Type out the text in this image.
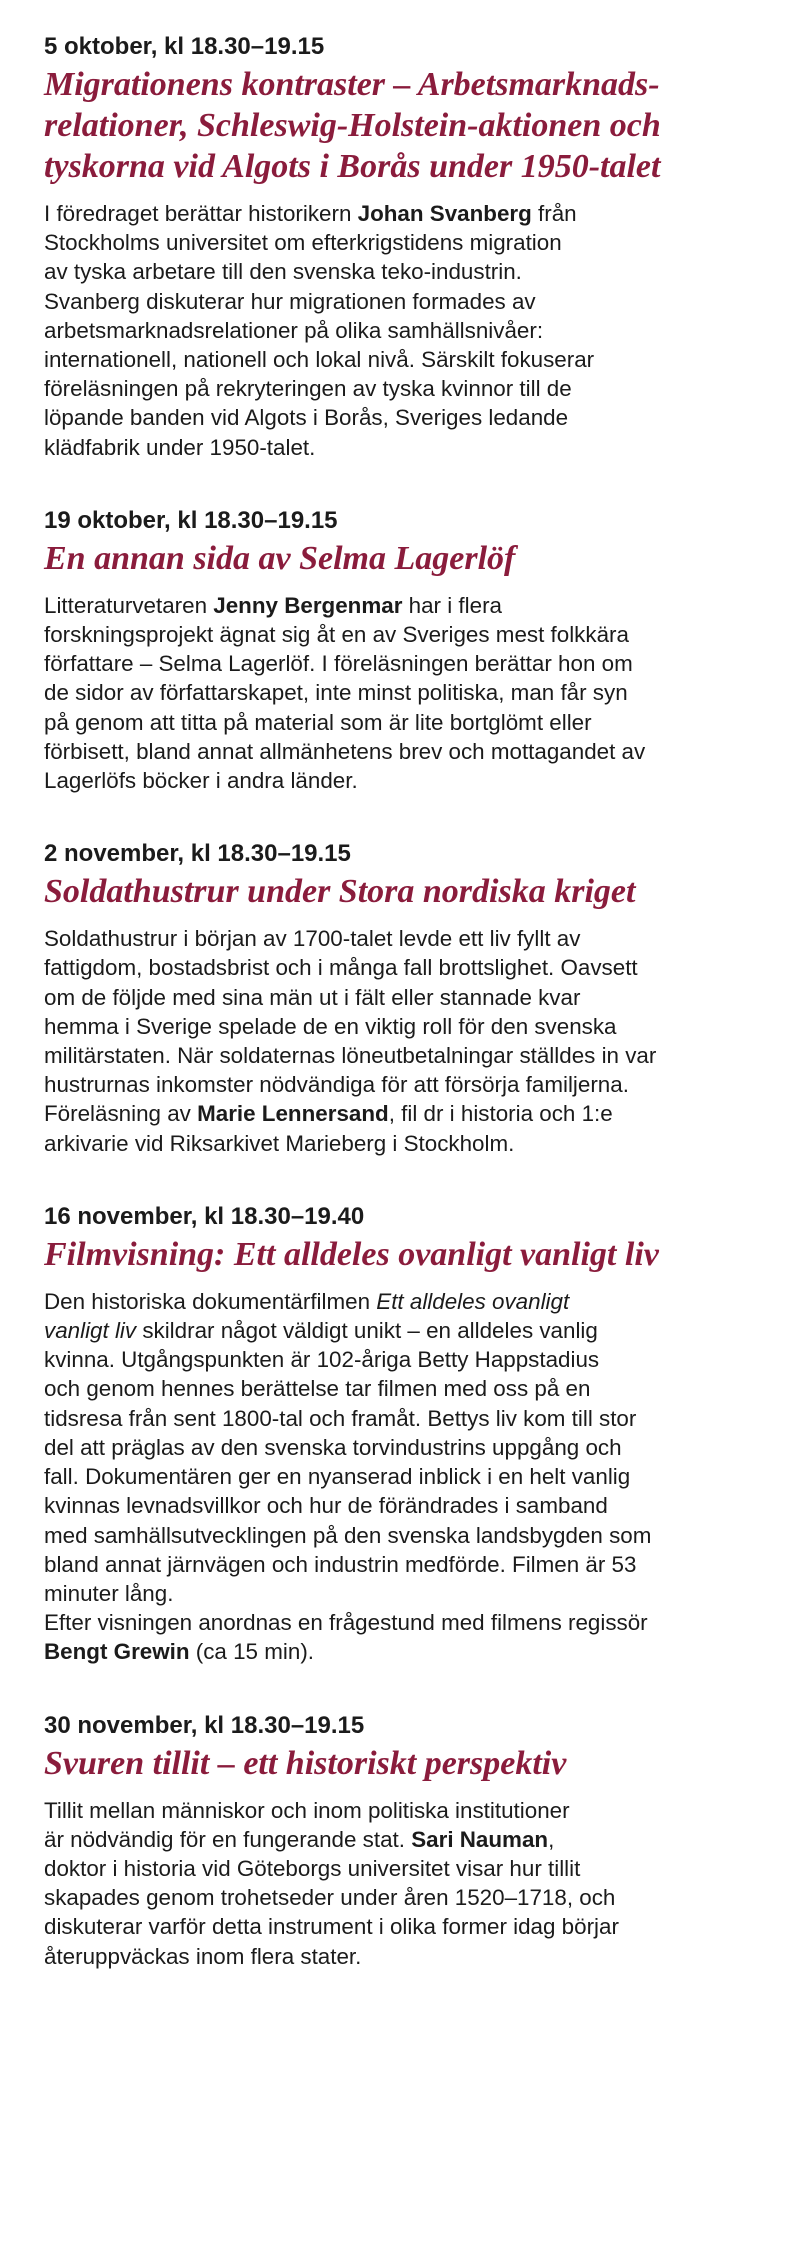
5 oktober, kl 18.30–19.15
Migrationens kontraster – Arbetsmarknads-
relationer, Schleswig-Holstein-aktionen och
tyskorna vid Algots i Borås under 1950-talet

I föredraget berättar historikern Johan Svanberg från
Stockholms universitet om efterkrigstidens migration
av tyska arbetare till den svenska teko-industrin.
Svanberg diskuterar hur migrationen formades av
arbetsmarknadsrelationer på olika samhällsnivåer:
internationell, nationell och lokal nivå. Särskilt fokuserar
föreläsningen på rekryteringen av tyska kvinnor till de
löpande banden vid Algots i Borås, Sveriges ledande
klädfabrik under 1950-talet.

19 oktober, kl 18.30–19.15
En annan sida av Selma Lagerlöf

Litteraturvetaren Jenny Bergenmar har i flera
forskningsprojekt ägnat sig åt en av Sveriges mest folkkära
författare – Selma Lagerlöf. I föreläsningen berättar hon om
de sidor av författarskapet, inte minst politiska, man får syn
på genom att titta på material som är lite bortglömt eller
förbisett, bland annat allmänhetens brev och mottagandet av
Lagerlöfs böcker i andra länder.

2 november, kl 18.30–19.15
Soldathustrur under Stora nordiska kriget

Soldathustrur i början av 1700-talet levde ett liv fyllt av
fattigdom, bostadsbrist och i många fall brottslighet. Oavsett
om de följde med sina män ut i fält eller stannade kvar
hemma i Sverige spelade de en viktig roll för den svenska
militärstaten. När soldaternas löneutbetalningar ställdes in var
hustrurnas inkomster nödvändiga för att försörja familjerna.
Föreläsning av Marie Lennersand, fil dr i historia och 1:e
arkivarie vid Riksarkivet Marieberg i Stockholm.

16 november, kl 18.30–19.40
Filmvisning: Ett alldeles ovanligt vanligt liv

Den historiska dokumentärfilmen Ett alldeles ovanligt
vanligt liv skildrar något väldigt unikt – en alldeles vanlig
kvinna. Utgångspunkten är 102-åriga Betty Happstadius
och genom hennes berättelse tar filmen med oss på en
tidsresa från sent 1800-tal och framåt. Bettys liv kom till stor
del att präglas av den svenska torvindustrins uppgång och
fall. Dokumentären ger en nyanserad inblick i en helt vanlig
kvinnas levnadsvillkor och hur de förändrades i samband
med samhällsutvecklingen på den svenska landsbygden som
bland annat järnvägen och industrin medförde. Filmen är 53
minuter lång.
Efter visningen anordnas en frågestund med filmens regissör
Bengt Grewin (ca 15 min).

30 november, kl 18.30–19.15
Svuren tillit – ett historiskt perspektiv

Tillit mellan människor och inom politiska institutioner
är nödvändig för en fungerande stat. Sari Nauman,
doktor i historia vid Göteborgs universitet visar hur tillit
skapades genom trohetseder under åren 1520–1718, och
diskuterar varför detta instrument i olika former idag börjar
återuppväckas inom flera stater.
